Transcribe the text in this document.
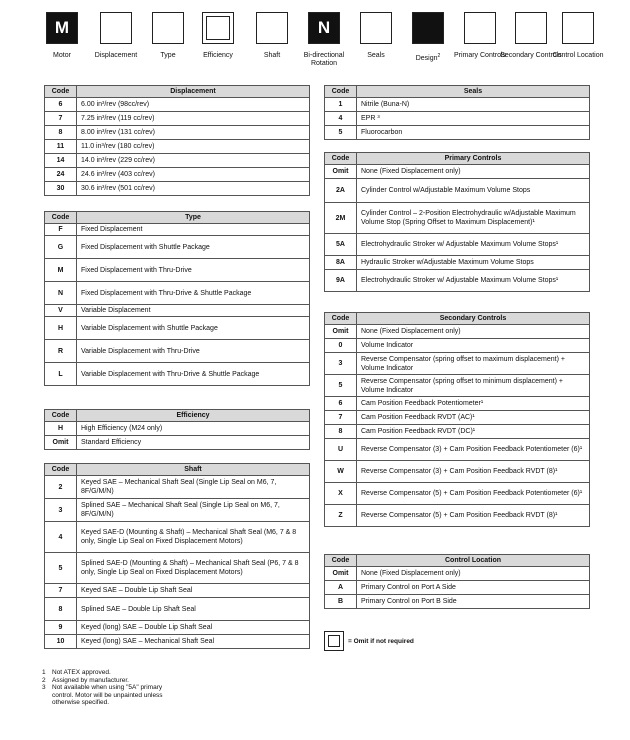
M	N
Motor	Displacement	Type	Efficiency	Shaft	Bi-directional Rotation
Seals	Design$^2$	Primary Controls
Secondary Controls
Control Location
Code	Displacement
6	6.00 in³/rev (98cc/rev)
7	7.25 in³/rev (119 cc/rev)
8	8.00 in³/rev (131 cc/rev)
11	11.0 in³/rev (180 cc/rev)
14	14.0 in³/rev (229 cc/rev)
24	24.6 in³/rev (403 cc/rev)
30	30.6 in³/rev (501 cc/rev)
Code	Type
F	Fixed Displacement
G	Fixed Displacement with Shuttle Package
M	Fixed Displacement with Thru-Drive
N	Fixed Displacement with Thru-Drive & Shuttle Package
V	Variable Displacement
H	Variable Displacement with Shuttle Package
R	Variable Displacement with Thru-Drive
L	Variable Displacement with Thru-Drive & Shuttle Package
Code	Efficiency
H	High Efficiency (M24 only)
Omit	Standard Efficiency
Code	Shaft
2	Keyed SAE – Mechanical Shaft Seal (Single Lip Seal on M6, 7, 8F/G/M/N)
3	Splined SAE – Mechanical Shaft Seal (Single Lip Seal on M6, 7, 8F/G/M/N)
4	Keyed SAE-D (Mounting & Shaft) – Mechanical Shaft Seal (M6, 7 & 8 only, Single Lip Seal on Fixed Displacement Motors)
5	Splined SAE-D (Mounting & Shaft) – Mechanical Shaft Seal (P6, 7 & 8 only, Single Lip Seal on Fixed Displacement Motors)
7	Keyed SAE – Double Lip Shaft Seal
8	Splined SAE – Double Lip Shaft Seal
9	Keyed (long) SAE – Double Lip Shaft Seal
10	Keyed (long) SAE – Mechanical Shaft Seal
Code	Seals
1	Nitrile (Buna-N)
4	EPR ³
5	Fluorocarbon
Code	Primary Controls
Omit	None (Fixed Displacement only)
2A	Cylinder Control w/Adjustable Maximum Volume Stops
2M	Cylinder Control – 2-Position Electrohydraulic w/Adjustable Maximum Volume Stop (Spring Offset to Maximum Displacement)¹
5A	Electrohydraulic Stroker w/ Adjustable Maximum Volume Stops¹
8A	Hydraulic Stroker w/Adjustable Maximum Volume Stops
9A	Electrohydraulic Stroker w/ Adjustable Maximum Volume Stops¹
Code	Secondary Controls
Omit	None (Fixed Displacement only)
0	Volume Indicator
3	Reverse Compensator (spring offset to maximum displacement) + Volume Indicator
5	Reverse Compensator (spring offset to minimum displacement) + Volume Indicator
6	Cam Position Feedback Potentiometer¹
7	Cam Position Feedback RVDT (AC)¹
8	Cam Position Feedback RVDT (DC)¹
U	Reverse Compensator (3) + Cam Position Feedback Potentiometer (6)¹
W	Reverse Compensator (3) + Cam Position Feedback RVDT (8)¹
X	Reverse Compensator (5) + Cam Position Feedback Potentiometer (6)¹
Z	Reverse Compensator (5) + Cam Position Feedback RVDT (8)¹
Code	Control Location
Omit	None (Fixed Displacement only)
A	Primary Control on Port A Side
B	Primary Control on Port B Side
= Omit if not required
1 Not ATEX approved.
2 Assigned by manufacturer.
3 Not available when using "5A" primary control. Motor will be unpainted unless otherwise specified.
